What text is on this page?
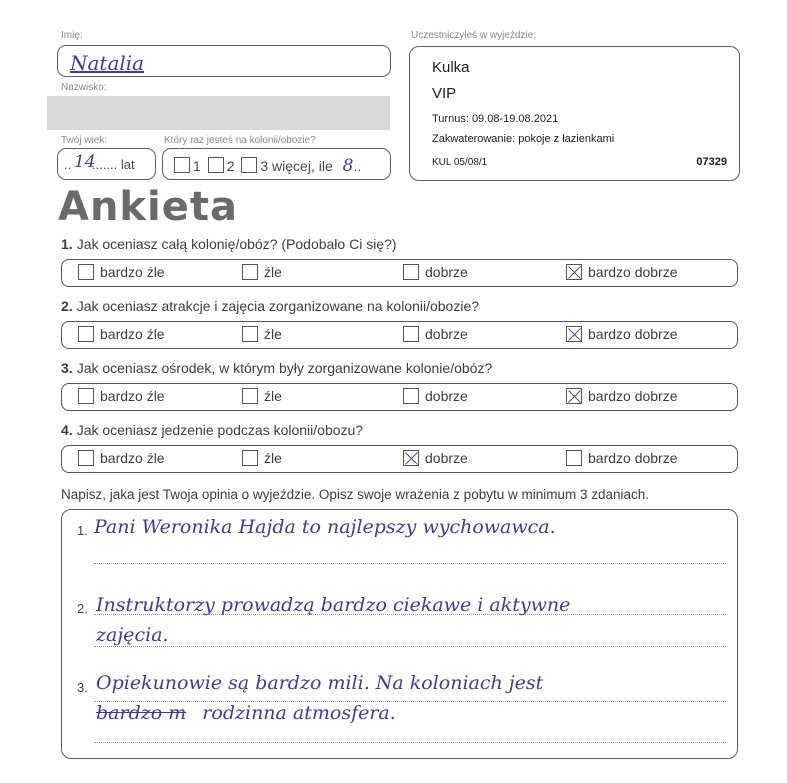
Imię:
Natalia
Nazwisko:
Twój wiek:
.. 14
....... lat
Który raz jesteś na kolonii/obozie?
1 2 3 więcej, ile 8..
Uczestniczyłeś w wyjeździe:
Kulka
VIP
Turnus: 09.08-19.08.2021
Zakwaterowanie: pokoje z łazienkami
KUL 05/08/1	07329
Ankieta
1. Jak oceniasz całą kolonię/obóz? (Podobało Ci się?)
bardzo źle	źle	dobrze	bardzo dobrze
2. Jak oceniasz atrakcje i zajęcia zorganizowane na kolonii/obozie?
bardzo źle	źle	dobrze	bardzo dobrze
3. Jak oceniasz ośrodek, w którym były zorganizowane kolonie/obóz?
bardzo źle	źle	dobrze	bardzo dobrze
4. Jak oceniasz jedzenie podczas kolonii/obozu?
bardzo źle	źle	dobrze	bardzo dobrze
Napisz, jaka jest Twoja opinia o wyjeździe. Opisz swoje wrażenia z pobytu w minimum 3 zdaniach.
1. Pani Weronika Hajda to najlepszy wychowawca.
2. Instruktorzy prowadzą bardzo ciekawe i aktywne
zajęcia.
3. Opiekunowie są bardzo mili. Na koloniach jest
bardzo m rodzinna atmosfera.
